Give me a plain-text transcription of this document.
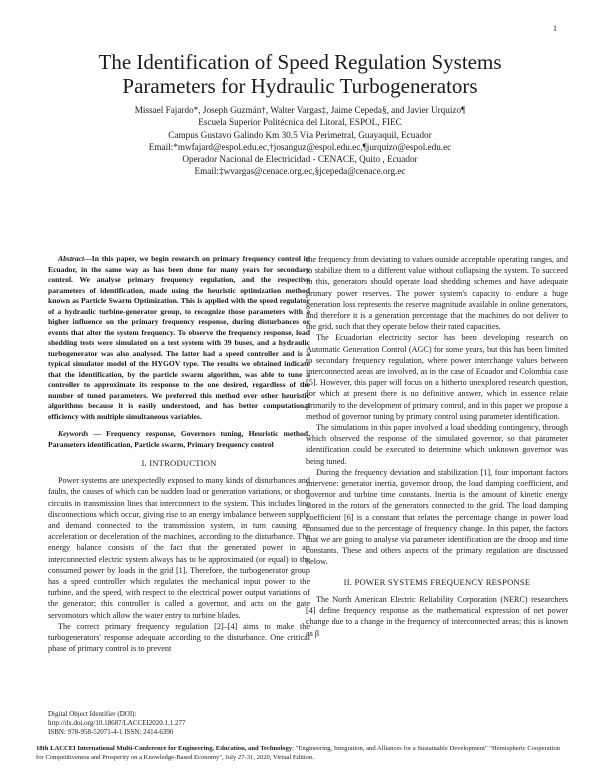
1
The Identification of Speed Regulation Systems
Parameters for Hydraulic Turbogenerators
Missael Fajardo*, Joseph Guzmán†, Walter Vargas‡, Jaime Cepeda§, and Javier Urquizo¶
Escuela Superior Politécnica del Litoral, ESPOL, FIEC
Campus Gustavo Galindo Km 30.5 Vía Perimetral, Guayaquil, Ecuador
Email:*mwfajard@espol.edu.ec,†josanguz@espol.edu.ec,¶jurquizo@espol.edu.ec
Operador Nacional de Electricidad - CENACE, Quito , Ecuador
Email:‡wvargas@cenace.org.ec,§jcepeda@cenace.org.ec

Abstract—In this paper, we begin research on primary frequency control in Ecuador, in the same way as has been done for many years for secondary control. We analyse primary frequency regulation, and the respective parameters of identification, made using the heuristic optimization method known as Particle Swarm Optimization. This is applied with the speed regulator of a hydraulic turbine-generator group, to recognize those parameters with a higher influence on the primary frequency response, during disturbances or events that alter the system frequency. To observe the frequency response, load shedding tests were simulated on a test system with 39 buses, and a hydraulic turbogenerator was also analysed. The latter had a speed controller and is a typical simulator model of the HYGOV type. The results we obtained indicate that the identification, by the particle swarm algorithm, was able to tune a controller to approximate its response to the one desired, regardless of the number of tuned parameters. We preferred this method over other heuristic algorithms because it is easily understood, and has better computational efficiency with multiple simultaneous variables.

Keywords — Frequency response, Governors tuning, Heuristic method, Parameters identification, Particle swarm, Primary frequency control

I. INTRODUCTION

Power systems are unexpectedly exposed to many kinds of disturbances and faults, the causes of which can be sudden load or generation variations, or short circuits in transmission lines that interconnect to the system. This includes line disconnections which occur, giving rise to an energy imbalance between supply and demand connected to the transmission system, in turn causing an acceleration or deceleration of the machines, according to the disturbance. The energy balance consists of the fact that the generated power in an interconnected electric system always has to be approximated (or equal) to the consumed power by loads in the grid [1]. Therefore, the turbogenerator group has a speed controller which regulates the mechanical input power to the turbine, and the speed, with respect to the electrical power output variations of the generator; this controller is called a governor, and acts on the gate servomotors which allow the water entry to turbine blades.

The correct primary frequency regulation [2]–[4] aims to make the turbogenerators' response adequate according to the disturbance. One critical phase of primary control is to prevent

the frequency from deviating to values outside acceptable operating ranges, and to stabilize them to a different value without collapsing the system. To succeed in this, generators should operate load shedding schemes and have adequate primary power reserves. The power system's capacity to endure a huge generation loss represents the reserve magnitude available in online generators, and therefore it is a generation percentage that the machines do not deliver to the grid, such that they operate below their rated capacities.

The Ecuadorian electricity sector has been developing research on Automatic Generation Control (AGC) for some years, but this has been limited to secondary frequency regulation, where power interchange values between interconnected areas are involved, as in the case of Ecuador and Colombia case [5]. However, this paper will focus on a hitherto unexplored research question, for which at present there is no definitive answer, which in essence relate primarily to the development of primary control, and in this paper we propose a method of governor tuning by primary control using parameter identification.

The simulations in this paper involved a load shedding contingency, through which observed the response of the simulated governor, so that parameter identification could be executed to determine which unknown governor was being tuned.

During the frequency deviation and stabilization [1], four important factors intervene: generator inertia, governor droop, the load damping coefficient, and governor and turbine time constants. Inertia is the amount of kinetic energy stored in the rotors of the generators connected to the grid. The load damping coefficient [6] is a constant that relates the percentage change in power load consumed due to the percentage of frequency change. In this paper, the factors that we are going to analyse via parameter identification are the droop and time constants. These and others aspects of the primary regulation are discussed below.

II. POWER SYSTEMS FREQUENCY RESPONSE

The North American Electric Reliability Corporation (NERC) researchers [4] define frequency response as the mathematical expression of net power change due to a change in the frequency of interconnected areas; this is known as β

Digital Object Identifier (DOI):
http://dx.doi.org/10.18687/LACCEI2020.1.1.277
ISBN: 978-958-52071-4-1 ISSN: 2414-6390
18th LACCEI International Multi-Conference for Engineering, Education, and Technology: "Engineering, Integration, and Alliances for a Sustainable Development" "Hemispheric Cooperation for Competitiveness and Prosperity on a Knowledge-Based Economy", July 27-31, 2020, Virtual Edition.
